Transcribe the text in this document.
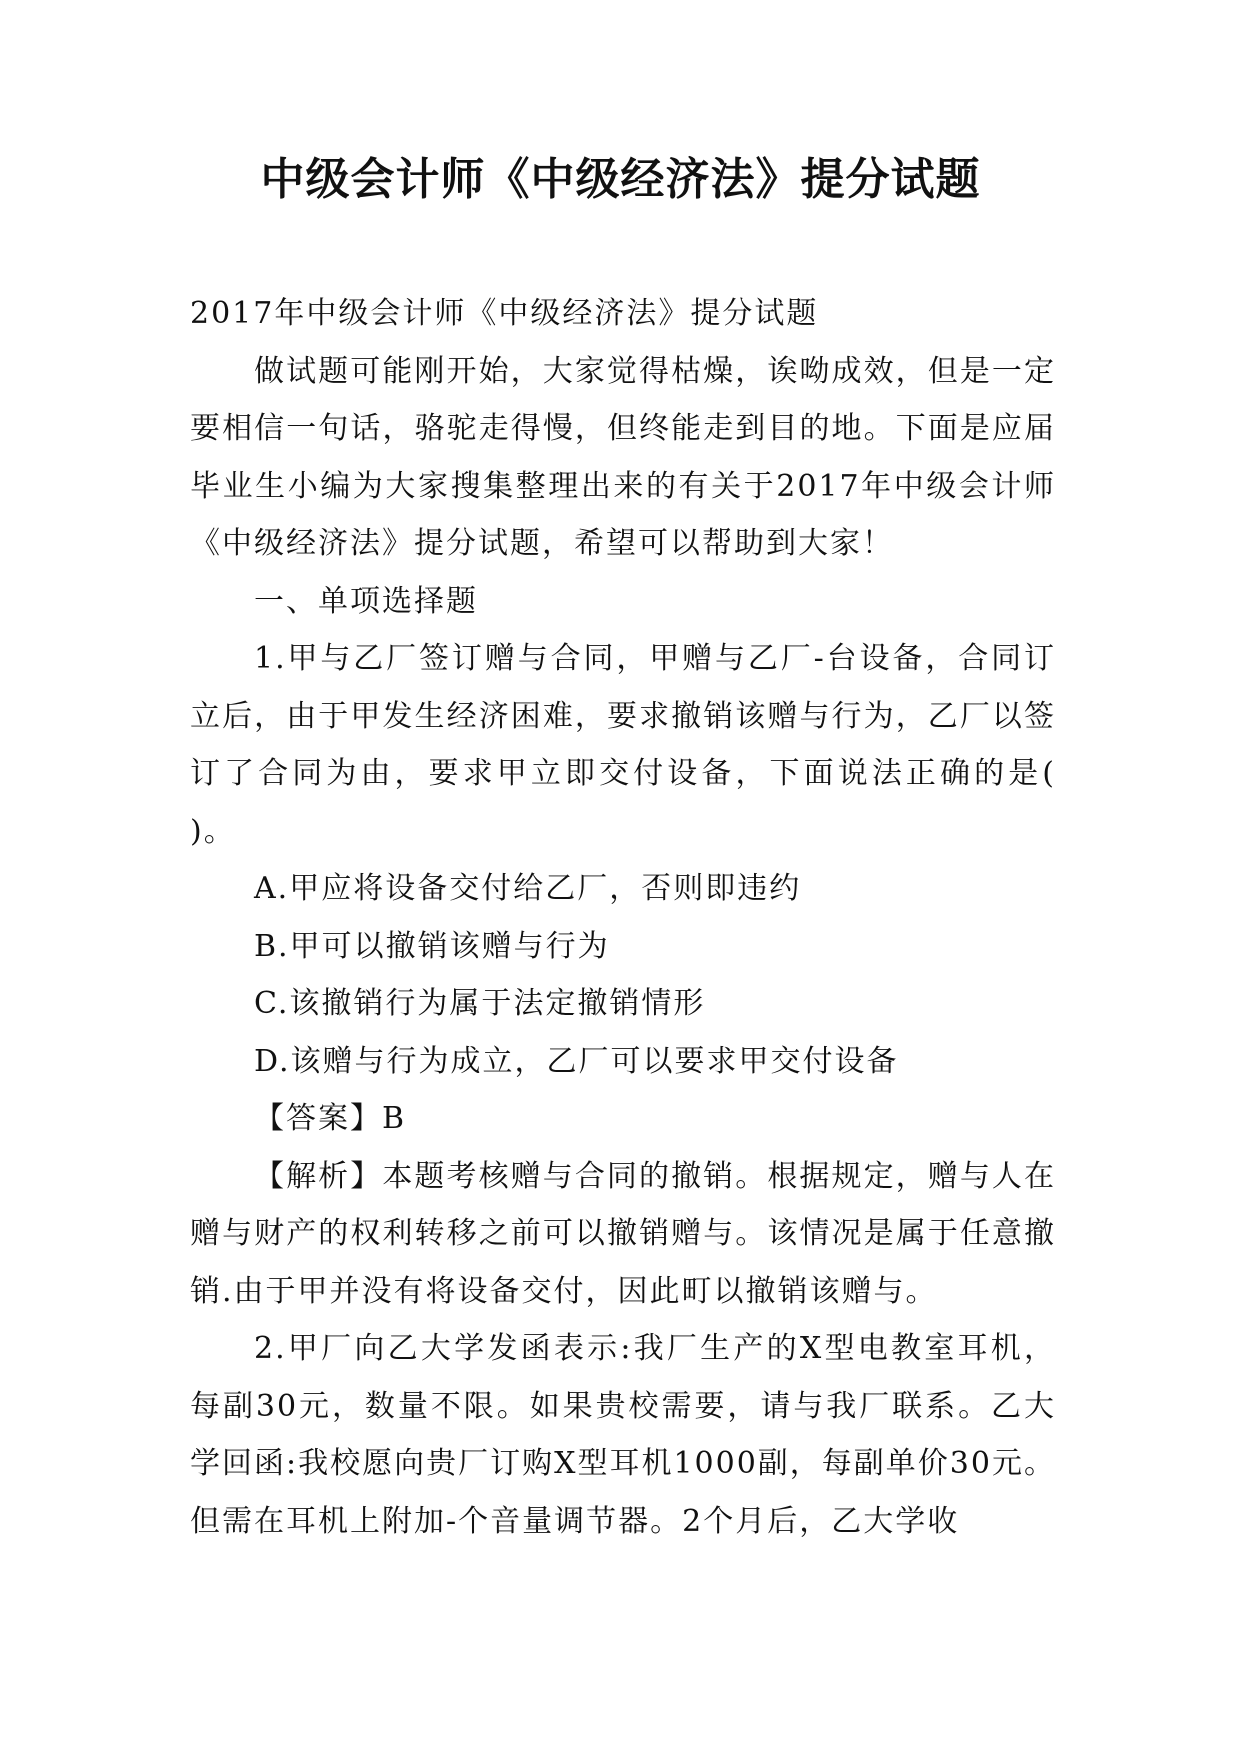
中级会计师《中级经济法》提分试题

2017年中级会计师《中级经济法》提分试题

做试题可能刚开始，大家觉得枯燥，诶呦成效，但是一定要相信一句话，骆驼走得慢，但终能走到目的地。下面是应届毕业生小编为大家搜集整理出来的有关于2017年中级会计师《中级经济法》提分试题，希望可以帮助到大家！

一、单项选择题

1.甲与乙厂签订赠与合同，甲赠与乙厂-台设备，合同订立后，由于甲发生经济困难，要求撤销该赠与行为，乙厂以签订了合同为由，要求甲立即交付设备，下面说法正确的是( )。

A.甲应将设备交付给乙厂，否则即违约

B.甲可以撤销该赠与行为

C.该撤销行为属于法定撤销情形

D.该赠与行为成立，乙厂可以要求甲交付设备

【答案】B

【解析】本题考核赠与合同的撤销。根据规定，赠与人在赠与财产的权利转移之前可以撤销赠与。该情况是属于任意撤销.由于甲并没有将设备交付，因此町以撤销该赠与。

2.甲厂向乙大学发函表示:我厂生产的X型电教室耳机，每副30元，数量不限。如果贵校需要，请与我厂联系。乙大学回函:我校愿向贵厂订购X型耳机1000副，每副单价30元。但需在耳机上附加-个音量调节器。2个月后，乙大学收
